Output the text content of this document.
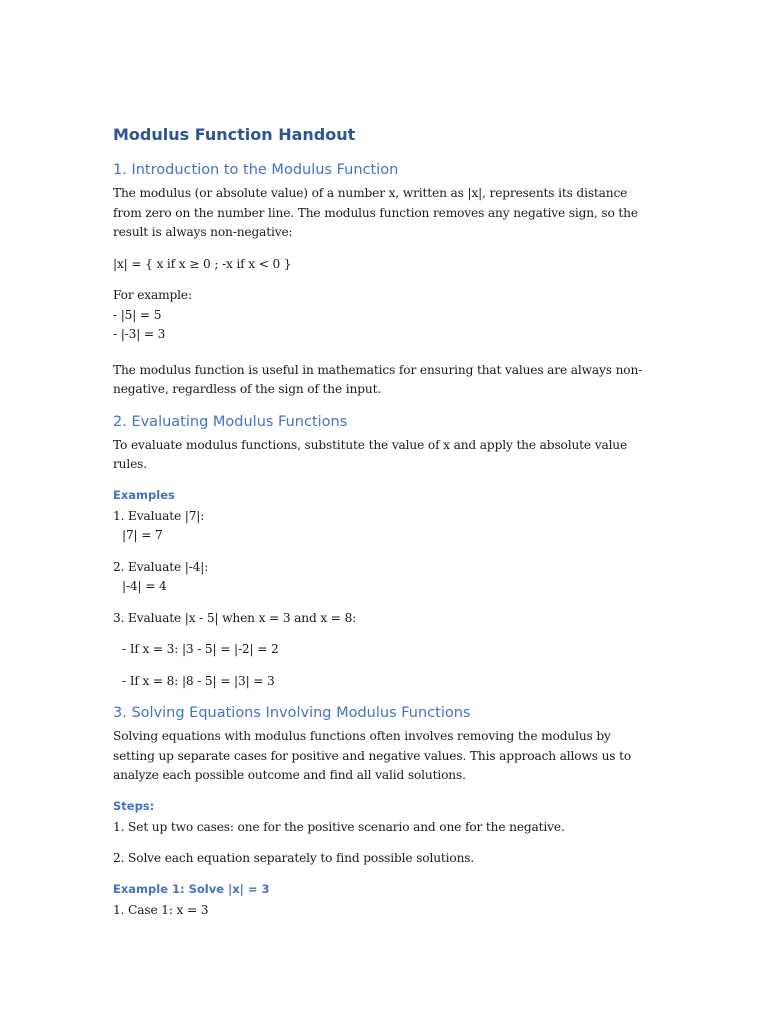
Modulus Function Handout
1. Introduction to the Modulus Function

The modulus (or absolute value) of a number x, written as |x|, represents its distance from zero on the number line. The modulus function removes any negative sign, so the result is always non-negative:

|x| = { x if x ≥ 0 ; -x if x < 0 }

For example:

- |5| = 5

- |-3| = 3

The modulus function is useful in mathematics for ensuring that values are always non-negative, regardless of the sign of the input.

2. Evaluating Modulus Functions

To evaluate modulus functions, substitute the value of x and apply the absolute value rules.

Examples

1. Evaluate |7|:

|7| = 7

2. Evaluate |-4|:

|-4| = 4

3. Evaluate |x - 5| when x = 3 and x = 8:

- If x = 3: |3 - 5| = |-2| = 2

- If x = 8: |8 - 5| = |3| = 3

3. Solving Equations Involving Modulus Functions

Solving equations with modulus functions often involves removing the modulus by setting up separate cases for positive and negative values. This approach allows us to analyze each possible outcome and find all valid solutions.

Steps:

1. Set up two cases: one for the positive scenario and one for the negative.

2. Solve each equation separately to find possible solutions.

Example 1: Solve |x| = 3

1. Case 1: x = 3
